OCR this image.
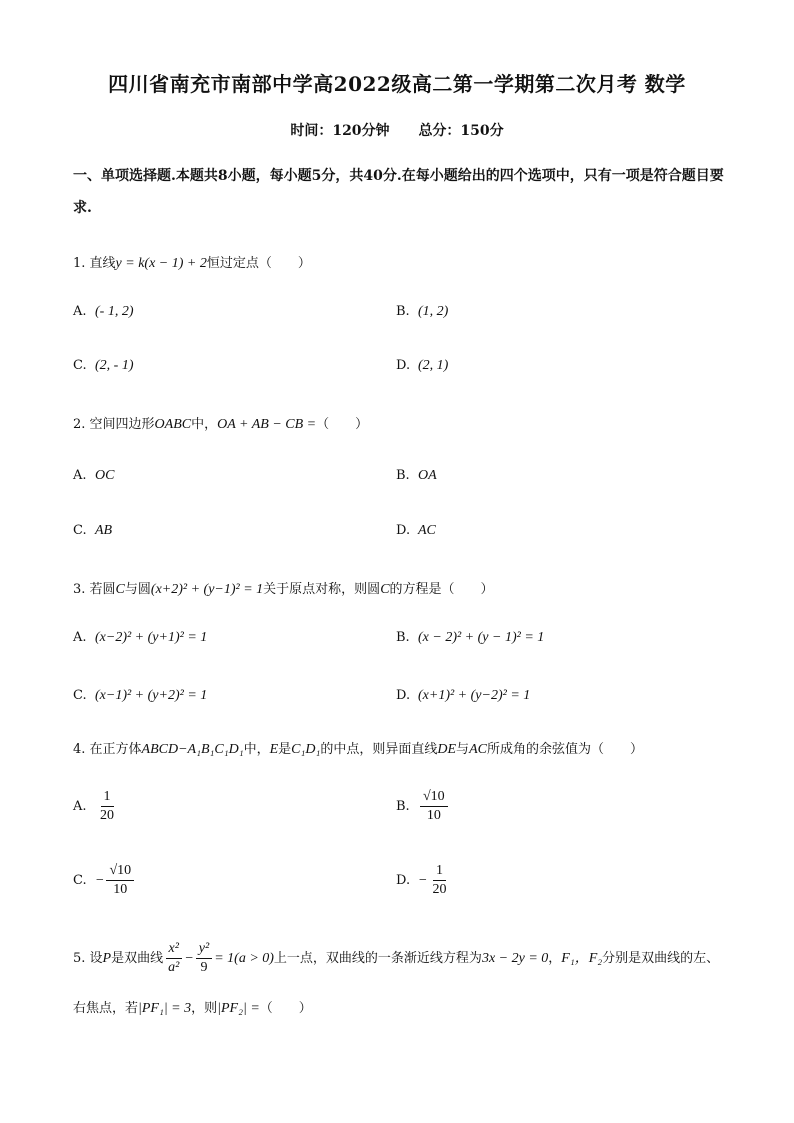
四川省南充市南部中学高2022级高二第一学期第二次月考 数学
时间：120分钟 总分：150分
一、单项选择题.本题共8小题，每小题5分，共40分.在每小题给出的四个选项中，只有一项是符合题目要求.
1. 直线y = k(x − 1) + 2恒过定点（　　）
A. (- 1, 2)	B. (1, 2)
C. (2, - 1)	D. (2, 1)
2. 空间四边形OABC中，OA + AB − CB =（　　）
A. OC	B. OA
C. AB	D. AC
3. 若圆C与圆(x+2)² + (y−1)² = 1关于原点对称，则圆C的方程是（　　）
A. (x−2)² + (y+1)² = 1	B. (x − 2)² + (y − 1)² = 1
C. (x−1)² + (y+2)² = 1	D. (x+1)² + (y−2)² = 1
4. 在正方体ABCD−A₁B₁C₁D₁中，E是C₁D₁的中点，则异面直线DE与AC所成角的余弦值为（　　）
A. $\frac{1}{20}$	B. $\frac{√10}{10}$
C. − $\frac{√10}{10}$	D. − $\frac{1}{20}$
5. 设P是双曲线 $\frac{\text{x²}}{\text{a²}} - \frac{\text{y²}}{9} = 1(a > 0)$上一点，双曲线的一条渐近线方程为3x − 2y = 0，F₁，F₂分别是双曲线的左、右焦点，若|PF₁| = 3，则|PF₂| =（　　）
